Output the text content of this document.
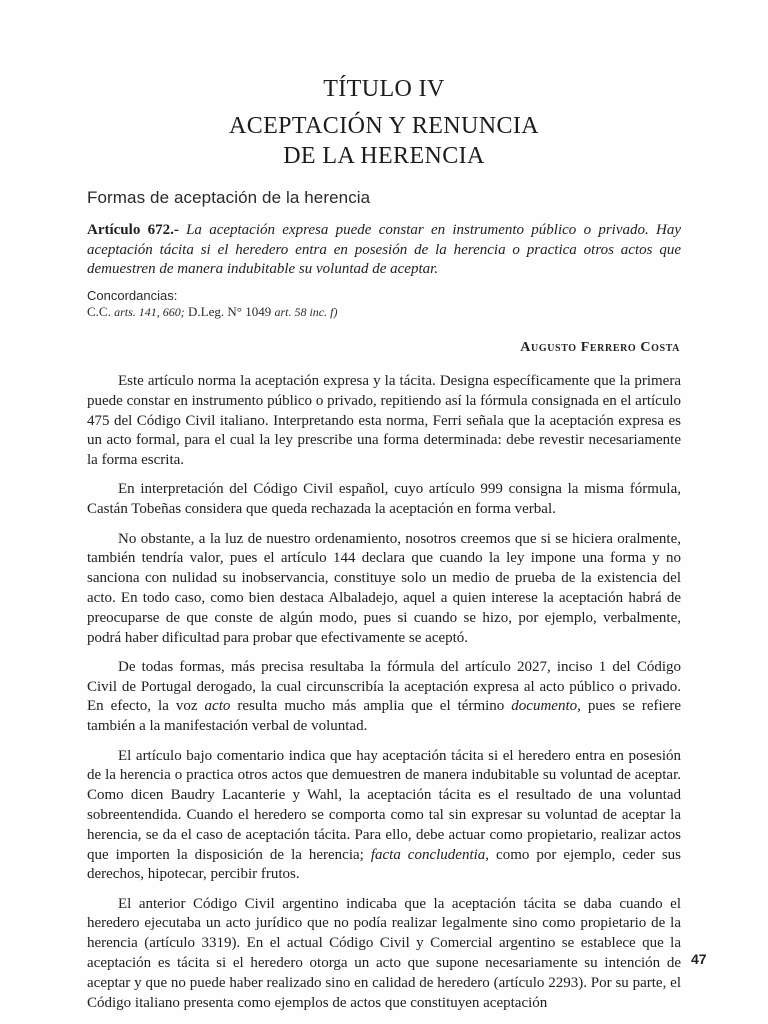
TÍTULO IV

ACEPTACIÓN Y RENUNCIA

DE LA HERENCIA

Formas de aceptación de la herencia
Artículo 672.- La aceptación expresa puede constar en instrumento público o privado. Hay aceptación tácita si el heredero entra en posesión de la herencia o practica otros actos que demuestren de manera indubitable su voluntad de aceptar.
Concordancias:
C.C. arts. 141, 660; D.Leg. N° 1049 art. 58 inc. f)
Augusto Ferrero Costa

Este artículo norma la aceptación expresa y la tácita. Designa específicamente que la primera puede constar en instrumento público o privado, repitiendo así la fórmula consignada en el artículo 475 del Código Civil italiano. Interpretando esta norma, Ferri señala que la aceptación expresa es un acto formal, para el cual la ley prescribe una forma determinada: debe revestir necesariamente la forma escrita.

En interpretación del Código Civil español, cuyo artículo 999 consigna la misma fórmula, Castán Tobeñas considera que queda rechazada la aceptación en forma verbal.

No obstante, a la luz de nuestro ordenamiento, nosotros creemos que si se hiciera oralmente, también tendría valor, pues el artículo 144 declara que cuando la ley impone una forma y no sanciona con nulidad su inobservancia, constituye solo un medio de prueba de la existencia del acto. En todo caso, como bien destaca Albaladejo, aquel a quien interese la aceptación habrá de preocuparse de que conste de algún modo, pues si cuando se hizo, por ejemplo, verbalmente, podrá haber dificultad para probar que efectivamente se aceptó.

De todas formas, más precisa resultaba la fórmula del artículo 2027, inciso 1 del Código Civil de Portugal derogado, la cual circunscribía la aceptación expresa al acto público o privado. En efecto, la voz acto resulta mucho más amplia que el término documento, pues se refiere también a la manifestación verbal de voluntad.

El artículo bajo comentario indica que hay aceptación tácita si el heredero entra en posesión de la herencia o practica otros actos que demuestren de manera indubitable su voluntad de aceptar. Como dicen Baudry Lacanterie y Wahl, la aceptación tácita es el resultado de una voluntad sobreentendida. Cuando el heredero se comporta como tal sin expresar su voluntad de aceptar la herencia, se da el caso de aceptación tácita. Para ello, debe actuar como propietario, realizar actos que importen la disposición de la herencia; facta concludentia, como por ejemplo, ceder sus derechos, hipotecar, percibir frutos.

El anterior Código Civil argentino indicaba que la aceptación tácita se daba cuando el heredero ejecutaba un acto jurídico que no podía realizar legalmente sino como propietario de la herencia (artículo 3319). En el actual Código Civil y Comercial argentino se establece que la aceptación es tácita si el heredero otorga un acto que supone necesariamente su intención de aceptar y que no puede haber realizado sino en calidad de heredero (artículo 2293). Por su parte, el Código italiano presenta como ejemplos de actos que constituyen aceptación

47
